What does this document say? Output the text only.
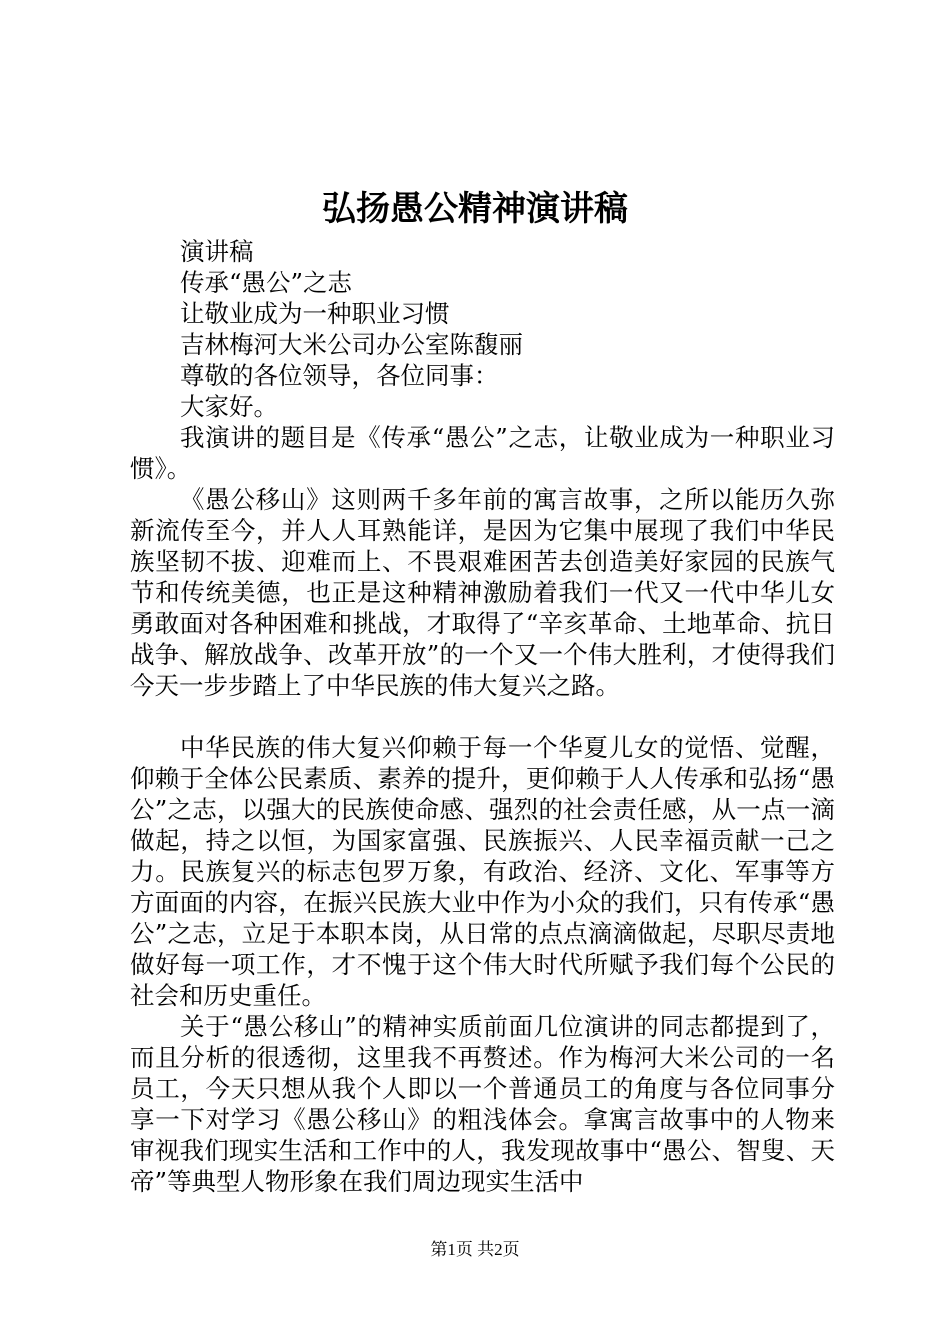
弘扬愚公精神演讲稿

演讲稿

传承“愚公”之志

让敬业成为一种职业习惯

吉林梅河大米公司办公室陈馥丽

尊敬的各位领导，各位同事：

大家好。

我演讲的题目是《传承“愚公”之志，让敬业成为一种职业习惯》。

《愚公移山》这则两千多年前的寓言故事，之所以能历久弥新流传至今，并人人耳熟能详，是因为它集中展现了我们中华民族坚韧不拔、迎难而上、不畏艰难困苦去创造美好家园的民族气节和传统美德，也正是这种精神激励着我们一代又一代中华儿女勇敢面对各种困难和挑战，才取得了“辛亥革命、土地革命、抗日战争、解放战争、改革开放”的一个又一个伟大胜利，才使得我们今天一步步踏上了中华民族的伟大复兴之路。

中华民族的伟大复兴仰赖于每一个华夏儿女的觉悟、觉醒，仰赖于全体公民素质、素养的提升，更仰赖于人人传承和弘扬“愚公”之志，以强大的民族使命感、强烈的社会责任感，从一点一滴做起，持之以恒，为国家富强、民族振兴、人民幸福贡献一己之力。民族复兴的标志包罗万象，有政治、经济、文化、军事等方方面面的内容，在振兴民族大业中作为小众的我们，只有传承“愚公”之志，立足于本职本岗，从日常的点点滴滴做起，尽职尽责地做好每一项工作，才不愧于这个伟大时代所赋予我们每个公民的社会和历史重任。

关于“愚公移山”的精神实质前面几位演讲的同志都提到了，而且分析的很透彻，这里我不再赘述。作为梅河大米公司的一名员工，今天只想从我个人即以一个普通员工的角度与各位同事分享一下对学习《愚公移山》的粗浅体会。拿寓言故事中的人物来审视我们现实生活和工作中的人，我发现故事中“愚公、智叟、天帝”等典型人物形象在我们周边现实生活中

第1页 共2页
